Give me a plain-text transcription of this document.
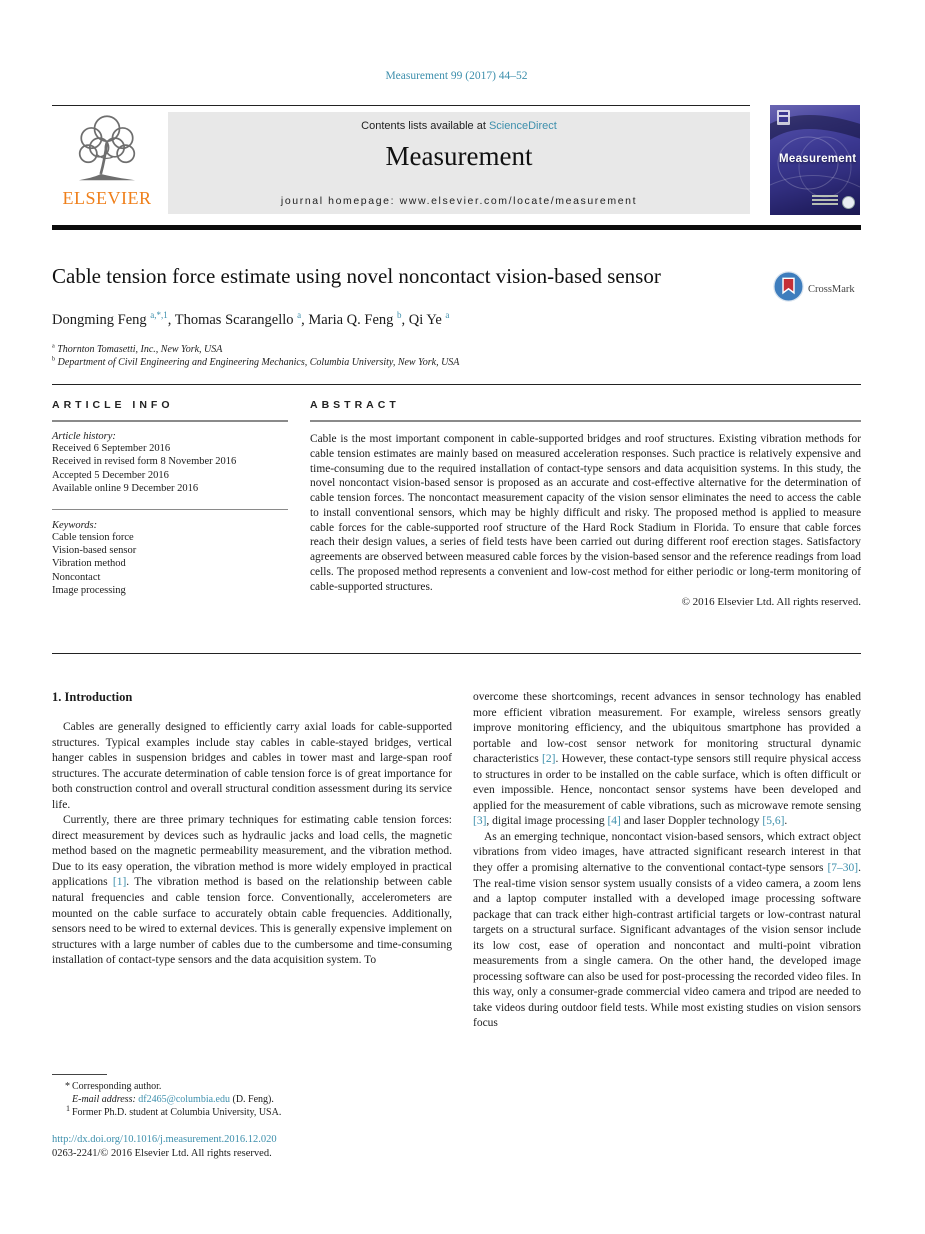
Measurement 99 (2017) 44–52
ELSEVIER
Contents lists available at ScienceDirect
Measurement
journal homepage: www.elsevier.com/locate/measurement
Measurement
Cable tension force estimate using novel noncontact vision-based sensor
CrossMark
Dongming Feng $^{a,*,1}$, Thomas Scarangello $^a$, Maria Q. Feng $^b$, Qi Ye $^a$
$^a$ Thornton Tomasetti, Inc., New York, USA
$^b$ Department of Civil Engineering and Engineering Mechanics, Columbia University, New York, USA
ARTICLE INFO
Article history:
Received 6 September 2016
Received in revised form 8 November 2016
Accepted 5 December 2016
Available online 9 December 2016
Keywords:
Cable tension force
Vision-based sensor
Vibration method
Noncontact
Image processing
ABSTRACT
Cable is the most important component in cable-supported bridges and roof structures. Existing vibration methods for cable tension estimates are mainly based on measured acceleration responses. Such practice is relatively expensive and time-consuming due to the required installation of contact-type sensors and data acquisition systems. In this study, the novel noncontact vision-based sensor is proposed as an accurate and cost-effective alternative for the determination of cable tension forces. The noncontact measurement capacity of the vision sensor eliminates the need to access the cable to install conventional sensors, which may be highly difficult and risky. The proposed method is applied to measure cable forces for the cable-supported roof structure of the Hard Rock Stadium in Florida. To ensure that cable forces reach their design values, a series of field tests have been carried out during different roof erection stages. Satisfactory agreements are observed between measured cable forces by the vision-based sensor and the reference readings from load cells. The proposed method represents a convenient and low-cost method for either periodic or long-term monitoring of cable-supported structures.
© 2016 Elsevier Ltd. All rights reserved.
1. Introduction
Cables are generally designed to efficiently carry axial loads for cable-supported structures. Typical examples include stay cables in cable-stayed bridges, vertical hanger cables in suspension bridges and cables in tower mast and large-span roof structures. The accurate determination of cable tension force is of great importance for both construction control and overall structural condition assessment during its service life.
Currently, there are three primary techniques for estimating cable tension forces: direct measurement by devices such as hydraulic jacks and load cells, the magnetic method based on the magnetic permeability measurement, and the vibration method. Due to its easy operation, the vibration method is more widely employed in practical applications [1]. The vibration method is based on the relationship between cable natural frequencies and cable tension force. Conventionally, accelerometers are mounted on the cable surface to accurately obtain cable frequencies. Additionally, sensors need to be wired to external devices. This is generally expensive implement on structures with a large number of cables due to the cumbersome and time-consuming installation of contact-type sensors and the data acquisition system. To
overcome these shortcomings, recent advances in sensor technology has enabled more efficient vibration measurement. For example, wireless sensors greatly improve monitoring efficiency, and the ubiquitous smartphone has provided a portable and low-cost sensor network for monitoring structural dynamic characteristics [2]. However, these contact-type sensors still require physical access to structures in order to be installed on the cable surface, which is often difficult or even impossible. Hence, noncontact sensor systems have been developed and applied for the measurement of cable vibrations, such as microwave remote sensing [3], digital image processing [4] and laser Doppler technology [5,6].
As an emerging technique, noncontact vision-based sensors, which extract object vibrations from video images, have attracted significant research interest in that they offer a promising alternative to the conventional contact-type sensors [7–30]. The real-time vision sensor system usually consists of a video camera, a zoom lens and a laptop computer installed with a developed image processing software package that can track either high-contrast artificial targets or low-contrast natural targets on a structural surface. Significant advantages of the vision sensor include its low cost, ease of operation and noncontact and multi-point vibration measurements from a single camera. On the other hand, the developed image processing software can also be used for post-processing the recorded video files. In this way, only a consumer-grade commercial video camera and tripod are needed to take videos during outdoor field tests. While most existing studies on vision sensors focus
* Corresponding author.
E-mail address: df2465@columbia.edu (D. Feng).
$^1$ Former Ph.D. student at Columbia University, USA.
http://dx.doi.org/10.1016/j.measurement.2016.12.020
0263-2241/© 2016 Elsevier Ltd. All rights reserved.
